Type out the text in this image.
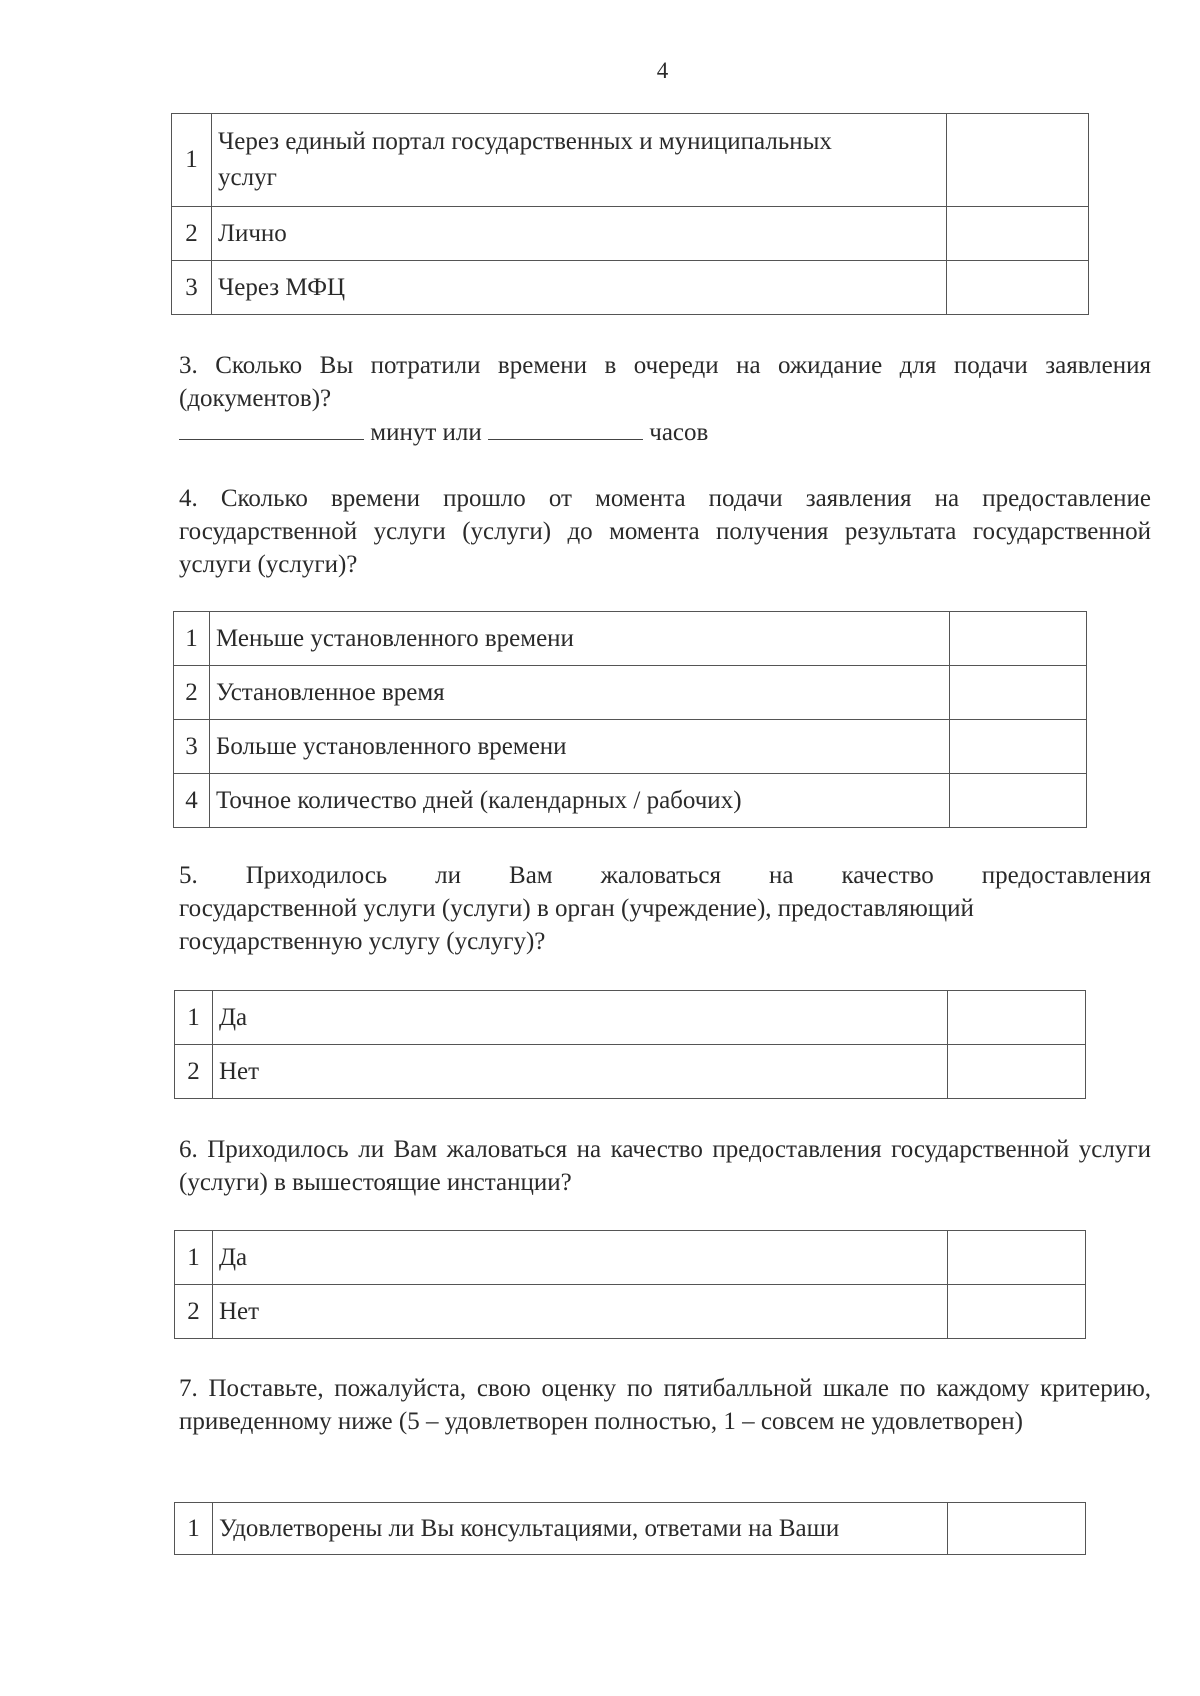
4
1	Через единый портал государственных и муниципальных
услуг	
2	Лично	
3	Через МФЦ	
3. Сколько Вы потратили времени в очереди на ожидание для подачи заявления (документов)?
минут или	часов
4. Сколько времени прошло от момента подачи заявления на предоставление государственной услуги (услуги) до момента получения результата государственной услуги (услуги)?
1	Меньше установленного времени	
2	Установленное время	
3	Больше установленного времени	
4	Точное количество дней (календарных / рабочих)	
5. Приходилось ли Вам жаловаться на качество предоставления
государственной услуги (услуги) в орган (учреждение), предоставляющий
государственную услугу (услугу)?
1	Да	
2	Нет	
6. Приходилось ли Вам жаловаться на качество предоставления государственной услуги (услуги) в вышестоящие инстанции?
1	Да	
2	Нет	
7. Поставьте, пожалуйста, свою оценку по пятибалльной шкале по каждому критерию, приведенному ниже (5 – удовлетворен полностью, 1 – совсем не удовлетворен)
1	Удовлетворены ли Вы консультациями, ответами на Ваши	
